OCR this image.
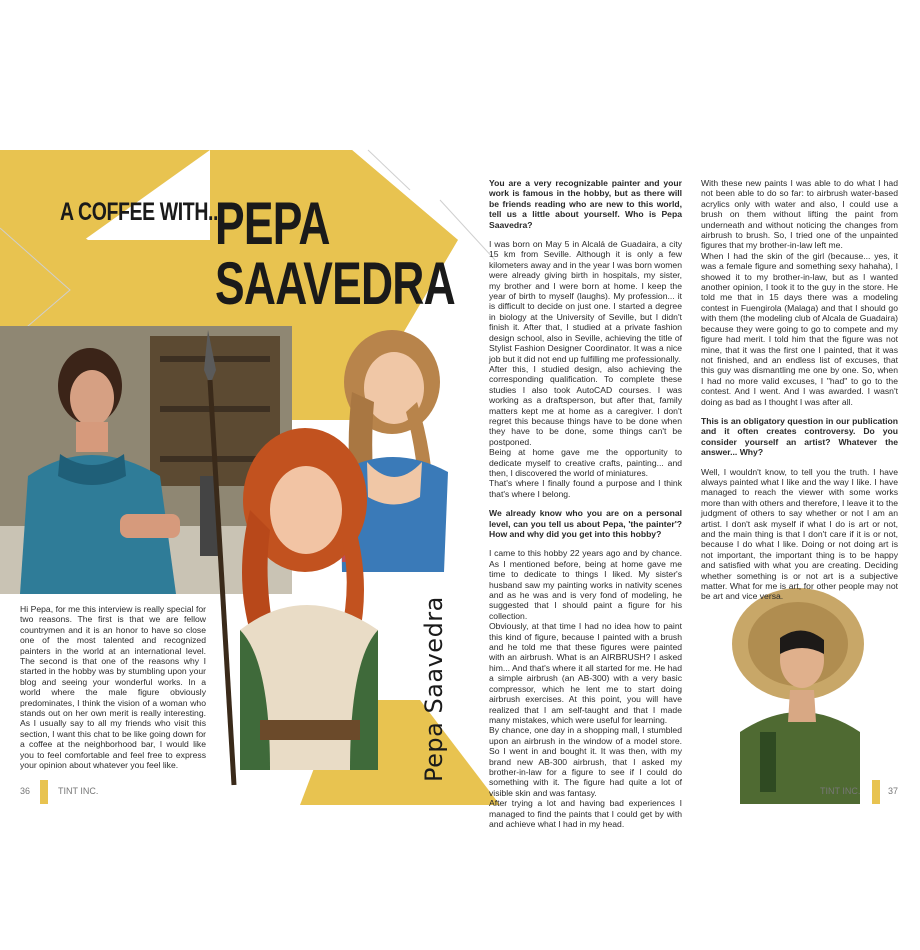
A COFFEE WITH...
PEPA
SAAVEDRA
Pepa Saavedra

Hi Pepa, for me this interview is really special for two reasons. The first is that we are fellow countrymen and it is an honor to have so close one of the most talented and recognized painters in the world at an international level. The second is that one of the reasons why I started in the hobby was by stumbling upon your blog and seeing your wonderful works. In a world where the male figure obviously predominates, I think the vision of a woman who stands out on her own merit is really interesting. As I usually say to all my friends who visit this section, I want this chat to be like going down for a coffee at the neighborhood bar, I would like you to feel comfortable and feel free to express your opinion about whatever you feel like.

You are a very recognizable painter and your work is famous in the hobby, but as there will be friends reading who are new to this world, tell us a little about yourself. Who is Pepa Saavedra?

I was born on May 5 in Alcalá de Guadaira, a city 15 km from Seville. Although it is only a few kilometers away and in the year I was born women were already giving birth in hospitals, my sister, my brother and I were born at home. I keep the year of birth to myself (laughs). My profession... it is difficult to decide on just one. I started a degree in biology at the University of Seville, but I didn't finish it. After that, I studied at a private fashion design school, also in Seville, achieving the title of Stylist Fashion Designer Coordinator. It was a nice job but it did not end up fulfilling me professionally.

After this, I studied design, also achieving the corresponding qualification. To complete these studies I also took AutoCAD courses. I was working as a draftsperson, but after that, family matters kept me at home as a caregiver. I don't regret this because things have to be done when they have to be done, some things can't be postponed.

Being at home gave me the opportunity to dedicate myself to creative crafts, painting... and then, I discovered the world of miniatures.

That's where I finally found a purpose and I think that's where I belong.

We already know who you are on a personal level, can you tell us about Pepa, 'the painter'? How and why did you get into this hobby?

I came to this hobby 22 years ago and by chance. As I mentioned before, being at home gave me time to dedicate to things I liked. My sister's husband saw my painting works in nativity scenes and as he was and is very fond of modeling, he suggested that I should paint a figure for his collection.

Obviously, at that time I had no idea how to paint this kind of figure, because I painted with a brush and he told me that these figures were painted with an airbrush. What is an AIRBRUSH? I asked him... And that's where it all started for me. He had a simple airbrush (an AB-300) with a very basic compressor, which he lent me to start doing airbrush exercises. At this point, you will have realized that I am self-taught and that I made many mistakes, which were useful for learning.

By chance, one day in a shopping mall, I stumbled upon an airbrush in the window of a model store. So I went in and bought it. It was then, with my brand new AB-300 airbrush, that I asked my brother-in-law for a figure to see if I could do something with it. The figure had quite a lot of visible skin and was fantasy.

After trying a lot and having bad experiences I managed to find the paints that I could get by with and achieve what I had in my head.

With these new paints I was able to do what I had not been able to do so far: to airbrush water-based acrylics only with water and also, I could use a brush on them without lifting the paint from underneath and without noticing the changes from airbrush to brush. So, I tried one of the unpainted figures that my brother-in-law left me.

When I had the skin of the girl (because... yes, it was a female figure and something sexy hahaha), I showed it to my brother-in-law, but as I wanted another opinion, I took it to the guy in the store. He told me that in 15 days there was a modeling contest in Fuengirola (Malaga) and that I should go with them (the modeling club of Alcala de Guadaira) because they were going to go to compete and my figure had merit. I told him that the figure was not mine, that it was the first one I painted, that it was not finished, and an endless list of excuses, that this guy was dismantling me one by one. So, when I had no more valid excuses, I "had" to go to the contest. And I went. And I was awarded. I wasn't doing as bad as I thought I was after all.

This is an obligatory question in our publication and it often creates controversy. Do you consider yourself an artist? Whatever the answer... Why?

Well, I wouldn't know, to tell you the truth. I have always painted what I like and the way I like. I have managed to reach the viewer with some works more than with others and therefore, I leave it to the judgment of others to say whether or not I am an artist. I don't ask myself if what I do is art or not, and the main thing is that I don't care if it is or not, because I do what I like. Doing or not doing art is not important, the important thing is to be happy and satisfied with what you are creating. Deciding whether something is or not art is a subjective matter. What for me is art, for other people may not be art and vice versa.

36	TINT INC.	TINT INC.	37
